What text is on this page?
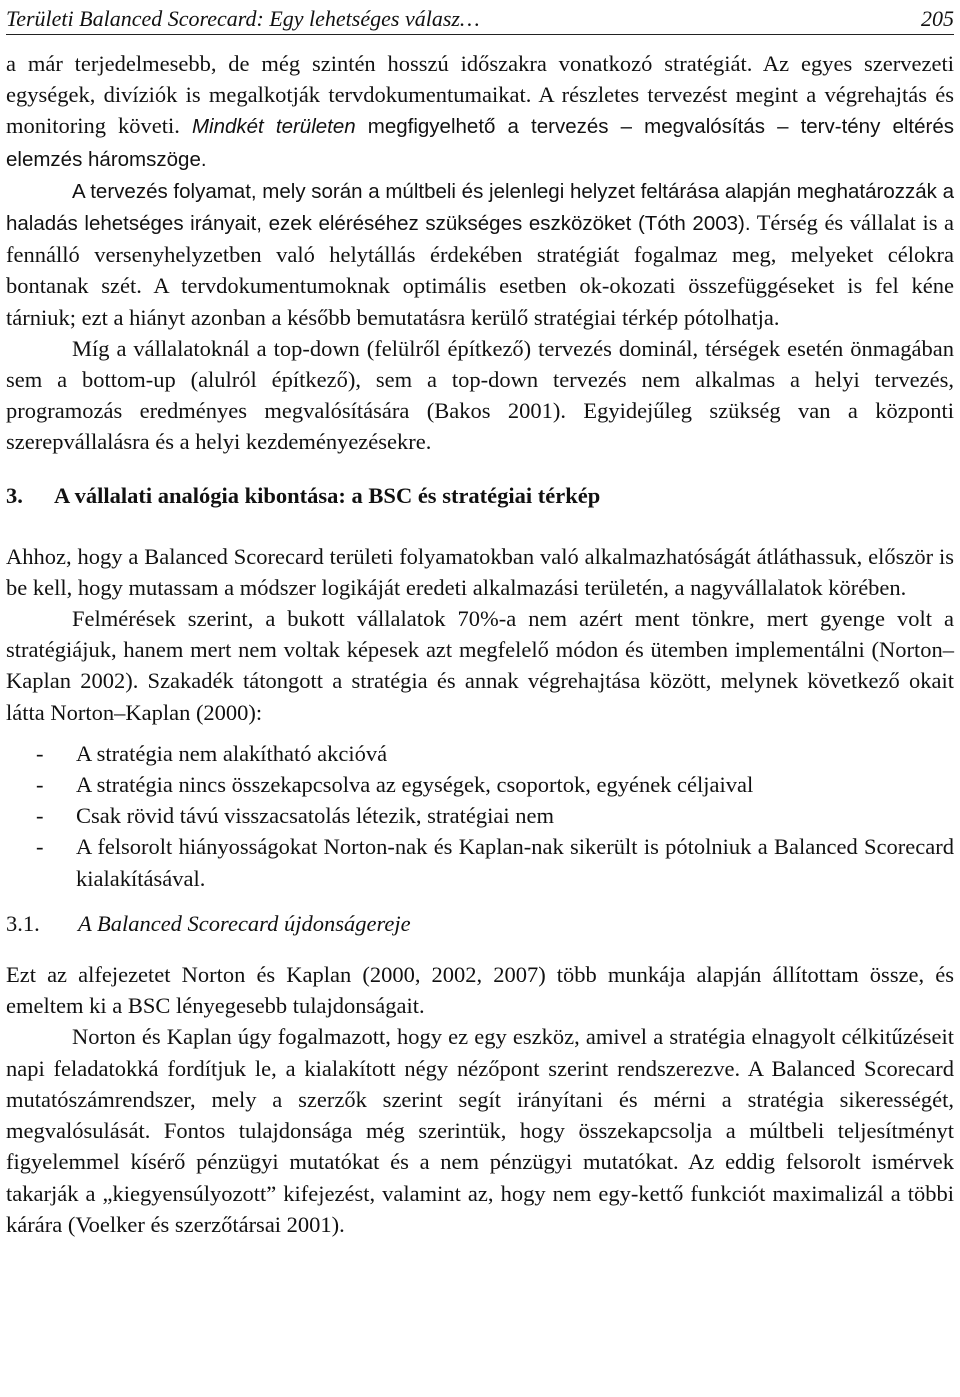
Területi Balanced Scorecard: Egy lehetséges válasz…	205

a már terjedelmesebb, de még szintén hosszú időszakra vonatkozó stratégiát. Az egyes szervezeti egységek, divíziók is megalkotják tervdokumentumaikat. A részletes tervezést megint a végrehajtás és monitoring követi. Mindkét területen megfigyelhető a tervezés – megvalósítás – terv-tény eltérés elemzés háromszöge.

A tervezés folyamat, mely során a múltbeli és jelenlegi helyzet feltárása alapján meghatározzák a haladás lehetséges irányait, ezek eléréséhez szükséges eszközöket (Tóth 2003). Térség és vállalat is a fennálló versenyhelyzetben való helytállás érdekében stratégiát fogalmaz meg, melyeket célokra bontanak szét. A tervdokumentumoknak optimális esetben ok-okozati összefüggéseket is fel kéne tárniuk; ezt a hiányt azonban a később bemutatásra kerülő stratégiai térkép pótolhatja.

Míg a vállalatoknál a top-down (felülről építkező) tervezés dominál, térségek esetén önmagában sem a bottom-up (alulról építkező), sem a top-down tervezés nem alkalmas a helyi tervezés, programozás eredményes megvalósítására (Bakos 2001). Egyidejűleg szükség van a központi szerepvállalásra és a helyi kezdeményezésekre.

3. A vállalati analógia kibontása: a BSC és stratégiai térkép

Ahhoz, hogy a Balanced Scorecard területi folyamatokban való alkalmazhatóságát átláthassuk, először is be kell, hogy mutassam a módszer logikáját eredeti alkalmazási területén, a nagyvállalatok körében.

Felmérések szerint, a bukott vállalatok 70%-a nem azért ment tönkre, mert gyenge volt a stratégiájuk, hanem mert nem voltak képesek azt megfelelő módon és ütemben implementálni (Norton–Kaplan 2002). Szakadék tátongott a stratégia és annak végrehajtása között, melynek következő okait látta Norton–Kaplan (2000):

- A stratégia nem alakítható akcióvá
- A stratégia nincs összekapcsolva az egységek, csoportok, egyének céljaival
- Csak rövid távú visszacsatolás létezik, stratégiai nem
- A felsorolt hiányosságokat Norton-nak és Kaplan-nak sikerült is pótolniuk a Balanced Scorecard kialakításával.

3.1. A Balanced Scorecard újdonságereje

Ezt az alfejezetet Norton és Kaplan (2000, 2002, 2007) több munkája alapján állítottam össze, és emeltem ki a BSC lényegesebb tulajdonságait.

Norton és Kaplan úgy fogalmazott, hogy ez egy eszköz, amivel a stratégia elnagyolt célkitűzéseit napi feladatokká fordítjuk le, a kialakított négy nézőpont szerint rendszerezve. A Balanced Scorecard mutatószámrendszer, mely a szerzők szerint segít irányítani és mérni a stratégia sikerességét, megvalósulását. Fontos tulajdonsága még szerintük, hogy összekapcsolja a múltbeli teljesítményt figyelemmel kísérő pénzügyi mutatókat és a nem pénzügyi mutatókat. Az eddig felsorolt ismérvek takarják a „kiegyensúlyozott” kifejezést, valamint az, hogy nem egy-kettő funkciót maximalizál a többi kárára (Voelker és szerzőtársai 2001).
